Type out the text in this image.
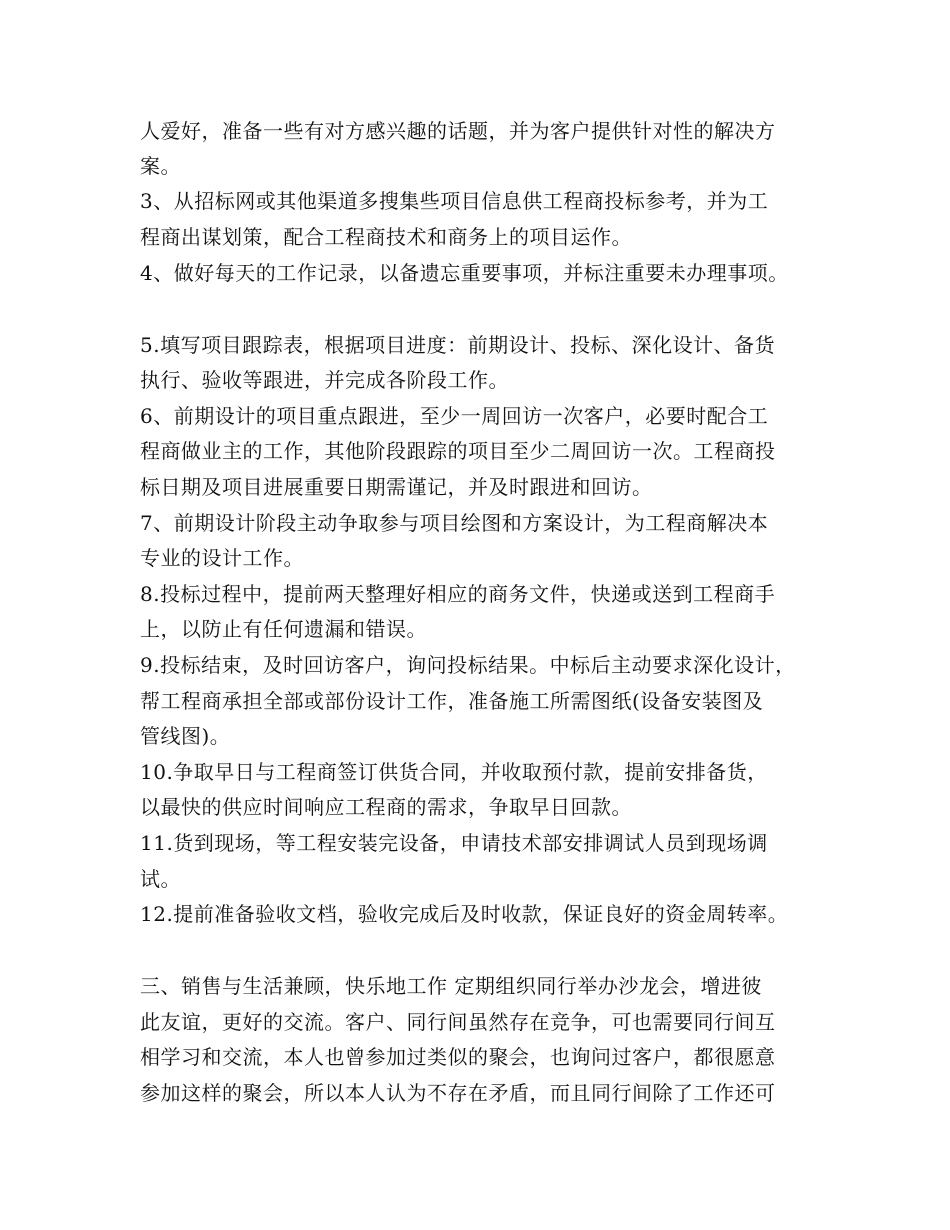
人爱好，准备一些有对方感兴趣的话题，并为客户提供针对性的解决方
案。
3、从招标网或其他渠道多搜集些项目信息供工程商投标参考，并为工
程商出谋划策，配合工程商技术和商务上的项目运作。
4、做好每天的工作记录，以备遗忘重要事项，并标注重要未办理事项。
5.填写项目跟踪表，根据项目进度：前期设计、投标、深化设计、备货
执行、验收等跟进，并完成各阶段工作。
6、前期设计的项目重点跟进，至少一周回访一次客户，必要时配合工
程商做业主的工作，其他阶段跟踪的项目至少二周回访一次。工程商投
标日期及项目进展重要日期需谨记，并及时跟进和回访。
7、前期设计阶段主动争取参与项目绘图和方案设计，为工程商解决本
专业的设计工作。
8.投标过程中，提前两天整理好相应的商务文件，快递或送到工程商手
上，以防止有任何遗漏和错误。
9.投标结束，及时回访客户，询问投标结果。中标后主动要求深化设计，
帮工程商承担全部或部份设计工作，准备施工所需图纸(设备安装图及
管线图)。
10.争取早日与工程商签订供货合同，并收取预付款，提前安排备货，
以最快的供应时间响应工程商的需求，争取早日回款。
11.货到现场，等工程安装完设备，申请技术部安排调试人员到现场调
试。
12.提前准备验收文档，验收完成后及时收款，保证良好的资金周转率。
三、销售与生活兼顾，快乐地工作 定期组织同行举办沙龙会，增进彼
此友谊，更好的交流。客户、同行间虽然存在竞争，可也需要同行间互
相学习和交流，本人也曾参加过类似的聚会，也询问过客户，都很愿意
参加这样的聚会，所以本人认为不存在矛盾，而且同行间除了工作还可
